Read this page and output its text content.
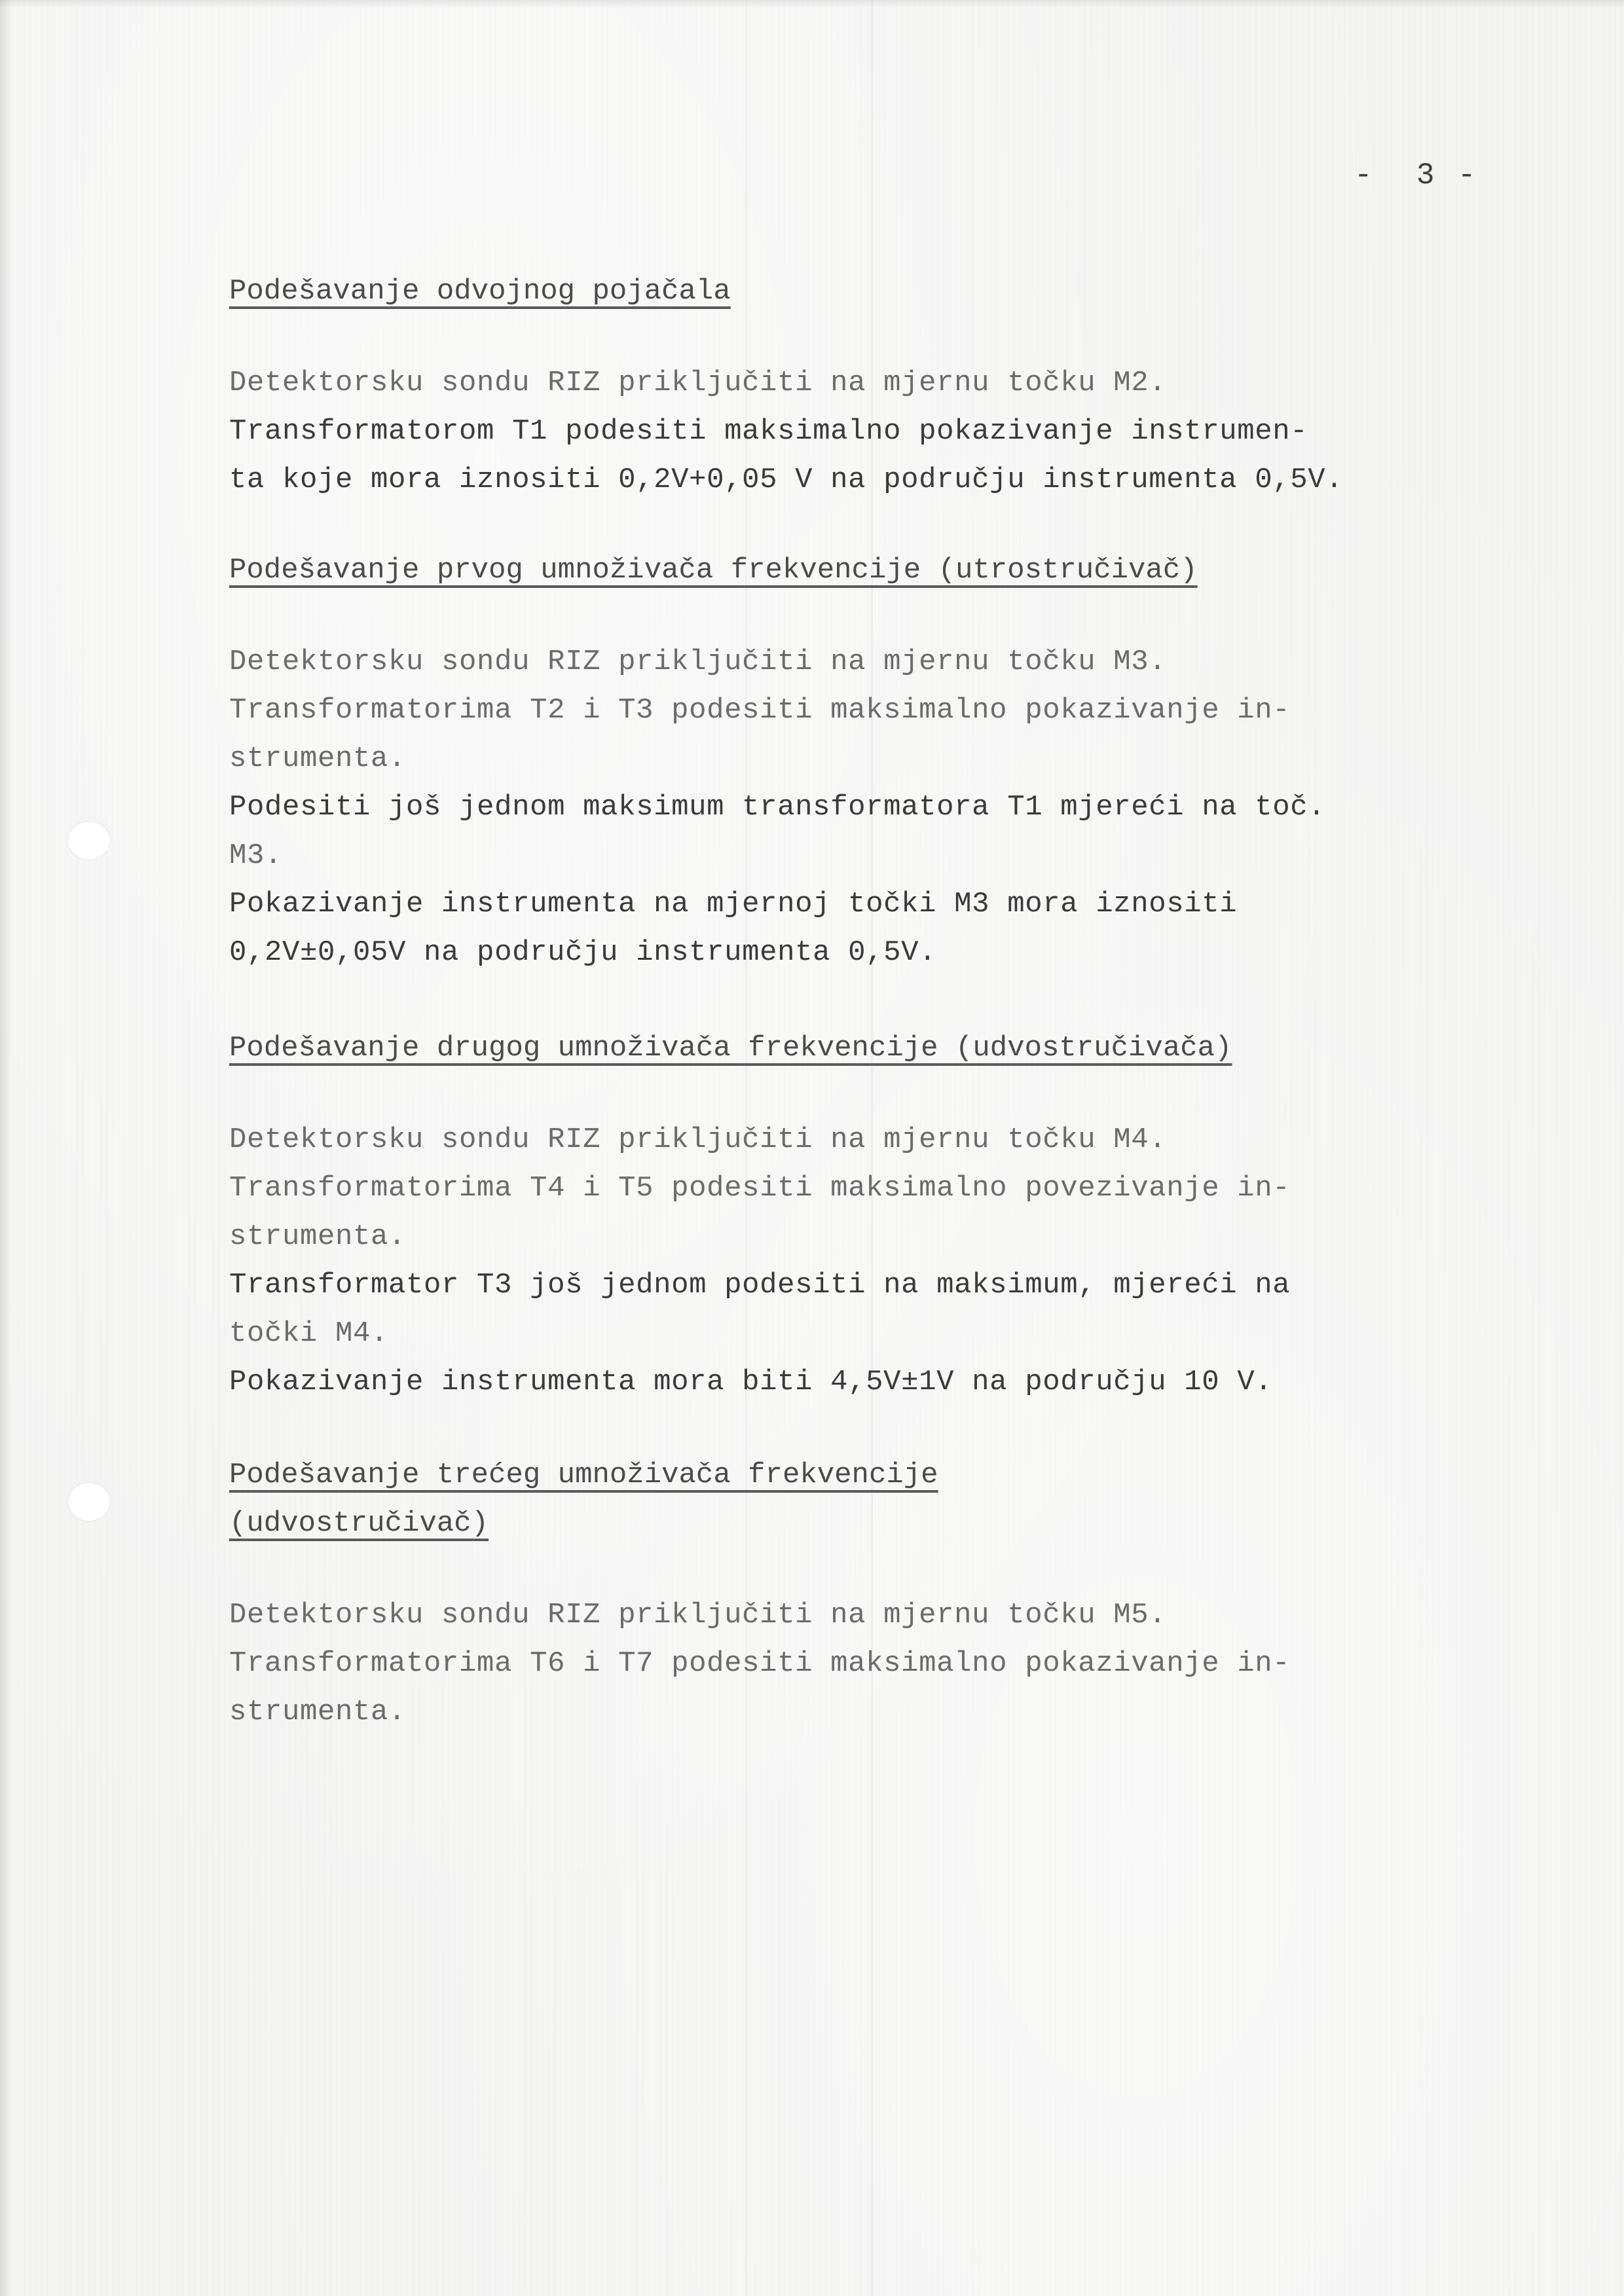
-  3 -
Podešavanje odvojnog pojačala
Detektorsku sondu RIZ priključiti na mjernu točku M2.
Transformatorom T1 podesiti maksimalno pokazivanje instrumen-
ta koje mora iznositi 0,2V+0,05 V na području instrumenta 0,5V.
Podešavanje prvog umnoživača frekvencije (utrostručivač)
Detektorsku sondu RIZ priključiti na mjernu točku M3.
Transformatorima T2 i T3 podesiti maksimalno pokazivanje in-
strumenta.
Podesiti još jednom maksimum transformatora T1 mjereći na toč.
M3.
Pokazivanje instrumenta na mjernoj točki M3 mora iznositi
0,2V±0,05V na području instrumenta 0,5V.
Podešavanje drugog umnoživača frekvencije (udvostručivača)
Detektorsku sondu RIZ priključiti na mjernu točku M4.
Transformatorima T4 i T5 podesiti maksimalno povezivanje in-
strumenta.
Transformator T3 još jednom podesiti na maksimum, mjereći na
točki M4.
Pokazivanje instrumenta mora biti 4,5V±1V na području 10 V.
Podešavanje trećeg umnoživača frekvencije
(udvostručivač)
Detektorsku sondu RIZ priključiti na mjernu točku M5.
Transformatorima T6 i T7 podesiti maksimalno pokazivanje in-
strumenta.
